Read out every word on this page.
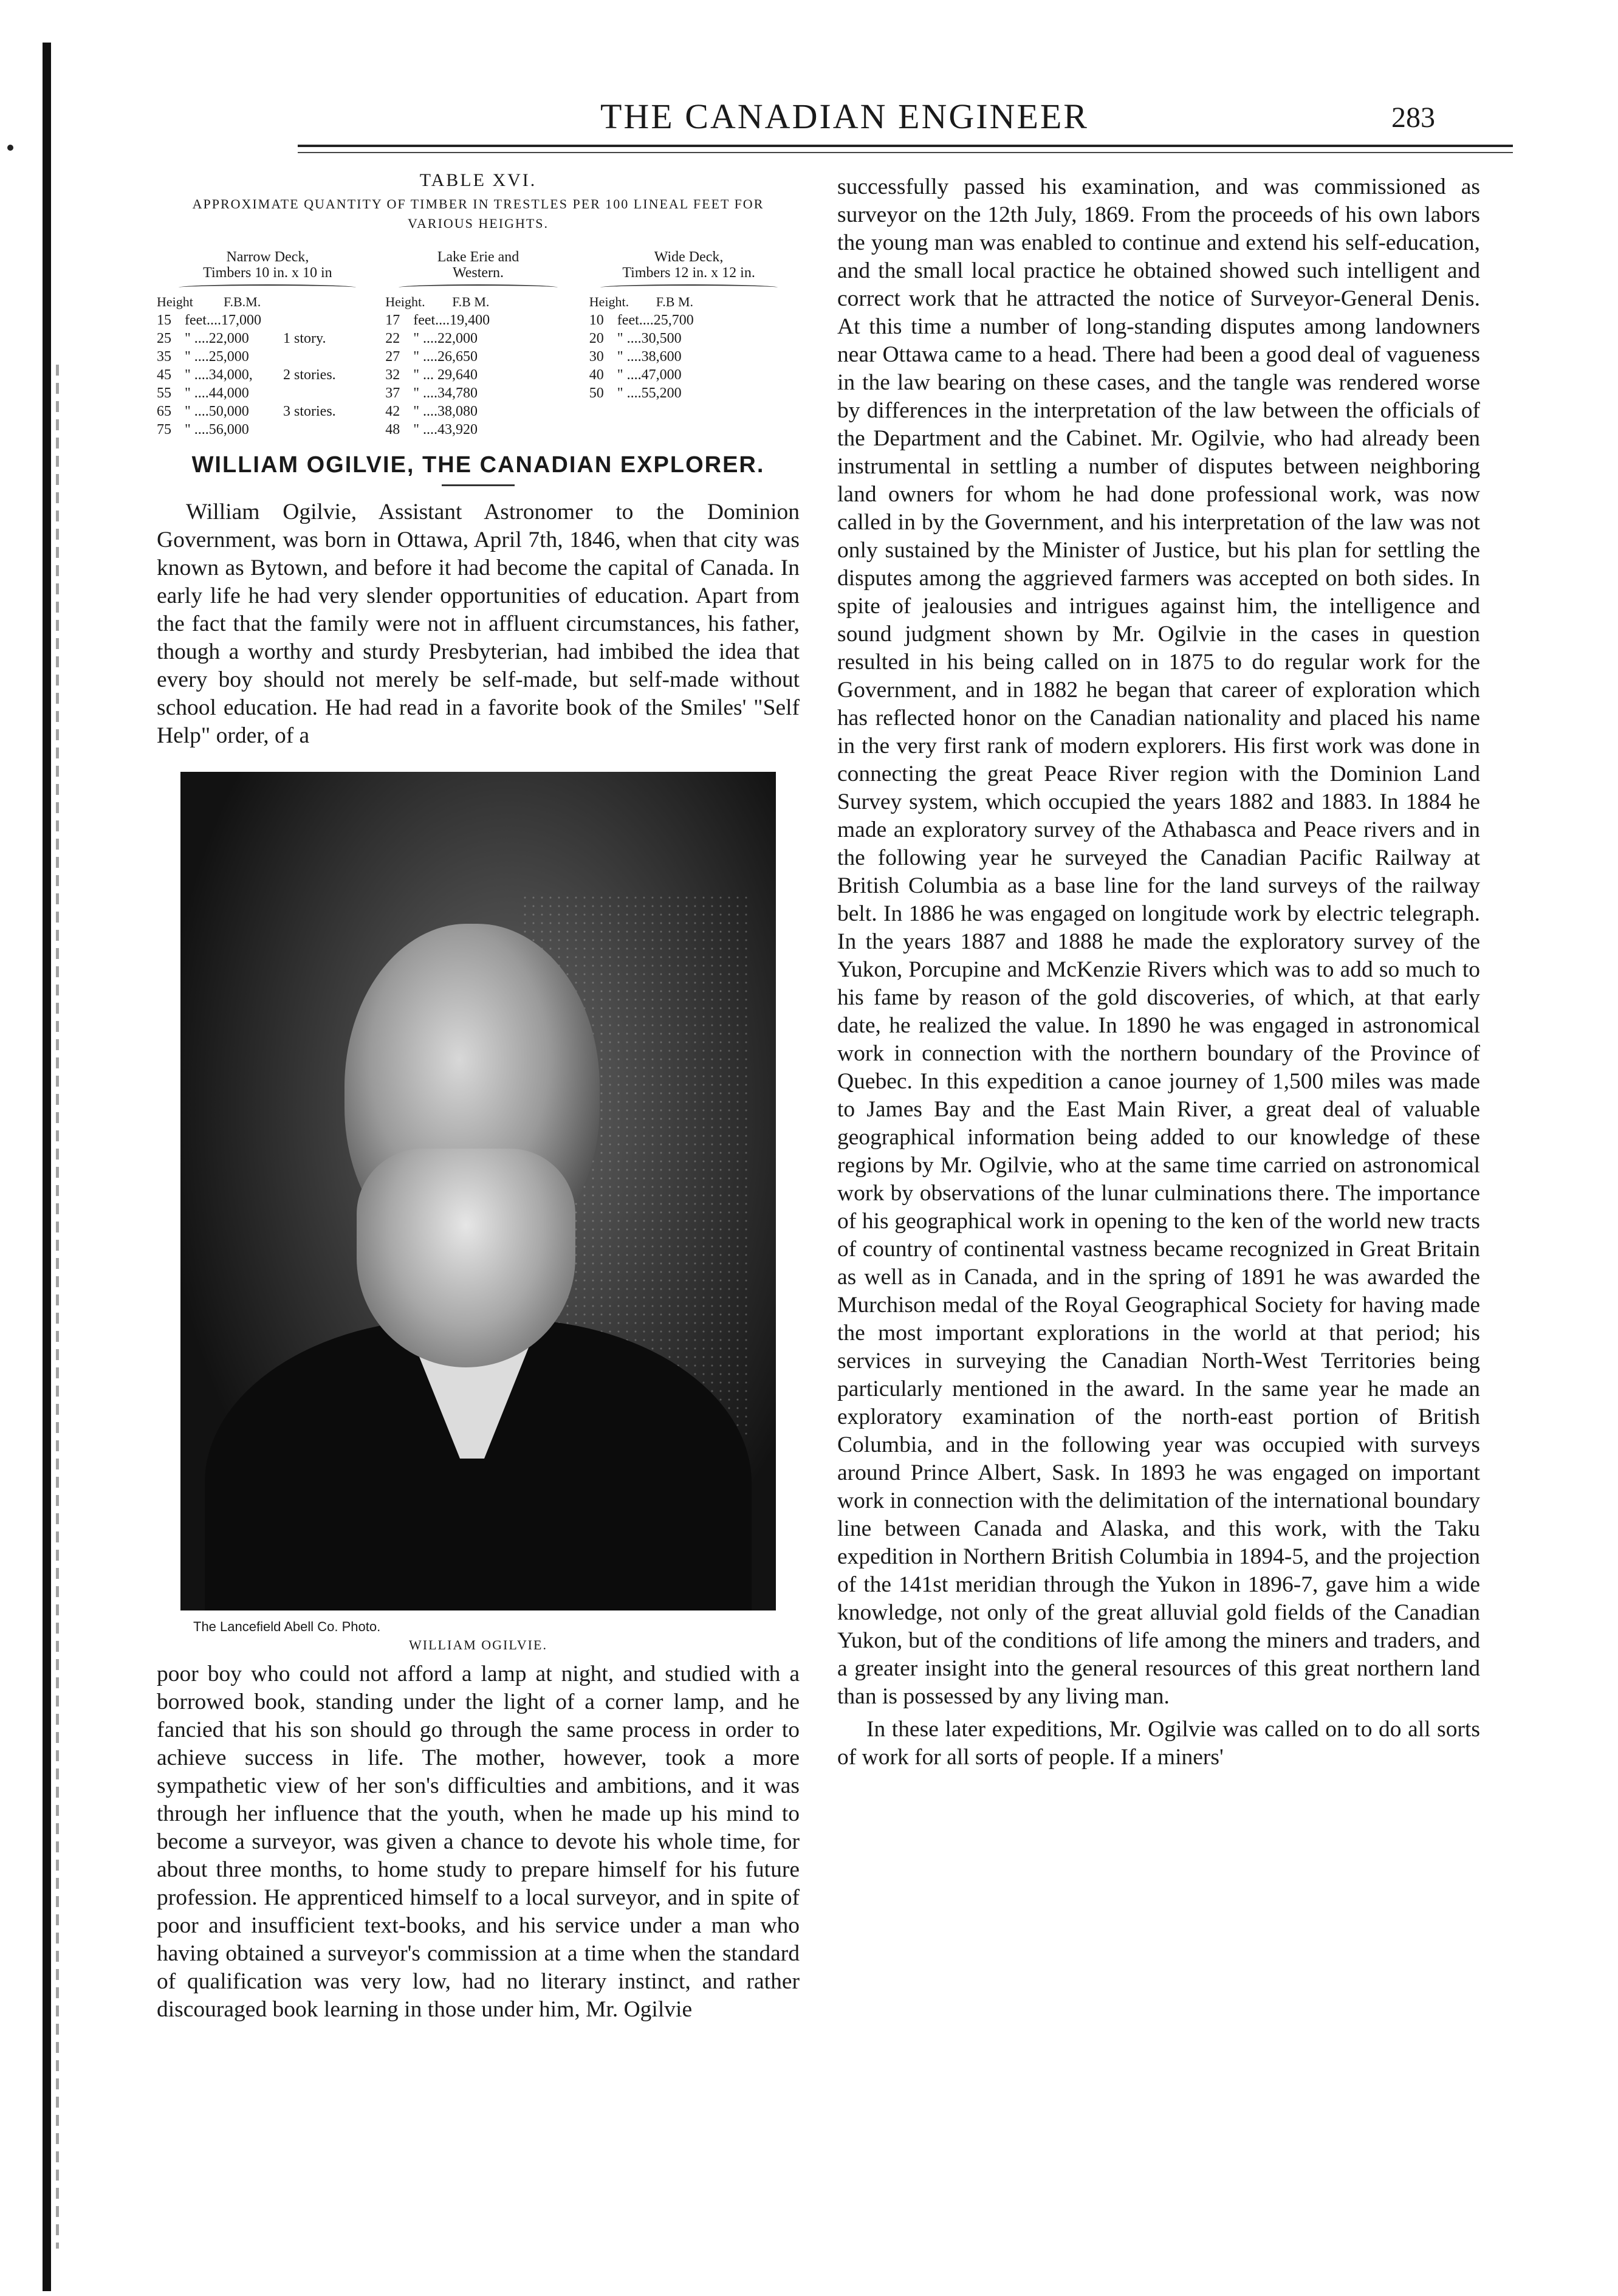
THE CANADIAN ENGINEER	283
TABLE XVI.
APPROXIMATE QUANTITY OF TIMBER IN TRESTLES PER 100 LINEAL FEET FOR VARIOUS HEIGHTS.
Narrow Deck,
Timbers 10 in. x 10 in
Lake Erie and
Western.
Wide Deck,
Timbers 12 in. x 12 in.
Height	F.B.M.
15 feet....17,000
25 " ....22,000	1 story.
35 " ....25,000
45 " ....34,000,	2 stories.
55 " ....44,000
65 " ....50,000	3 stories.
75 " ....56,000
Height.	F.B M.
17 feet....19,400
22 " ....22,000
27 " ....26,650
32 " ... 29,640
37 " ....34,780
42 " ....38,080
48 " ....43,920
Height.	F.B M.
10 feet....25,700
20 " ....30,500
30 " ....38,600
40 " ....47,000
50 " ....55,200
WILLIAM OGILVIE, THE CANADIAN EXPLORER.

William Ogilvie, Assistant Astronomer to the Dominion Government, was born in Ottawa, April 7th, 1846, when that city was known as Bytown, and before it had become the capital of Canada. In early life he had very slender opportunities of education. Apart from the fact that the family were not in affluent circumstances, his father, though a worthy and sturdy Presbyterian, had imbibed the idea that every boy should not merely be self-made, but self-made without school education. He had read in a favorite book of the Smiles' "Self Help" order, of a

The Lancefield Abell Co. Photo.
WILLIAM OGILVIE.

poor boy who could not afford a lamp at night, and studied with a borrowed book, standing under the light of a corner lamp, and he fancied that his son should go through the same process in order to achieve success in life. The mother, however, took a more sympathetic view of her son's difficulties and ambitions, and it was through her influence that the youth, when he made up his mind to become a surveyor, was given a chance to devote his whole time, for about three months, to home study to prepare himself for his future profession. He apprenticed himself to a local surveyor, and in spite of poor and insufficient text-books, and his service under a man who having obtained a surveyor's commission at a time when the standard of qualification was very low, had no literary instinct, and rather discouraged book learning in those under him, Mr. Ogilvie

successfully passed his examination, and was commissioned as surveyor on the 12th July, 1869. From the proceeds of his own labors the young man was enabled to continue and extend his self-education, and the small local practice he obtained showed such intelligent and correct work that he attracted the notice of Surveyor-General Denis. At this time a number of long-standing disputes among landowners near Ottawa came to a head. There had been a good deal of vagueness in the law bearing on these cases, and the tangle was rendered worse by differences in the interpretation of the law between the officials of the Department and the Cabinet. Mr. Ogilvie, who had already been instrumental in settling a number of disputes between neighboring land owners for whom he had done professional work, was now called in by the Government, and his interpretation of the law was not only sustained by the Minister of Justice, but his plan for settling the disputes among the aggrieved farmers was accepted on both sides. In spite of jealousies and intrigues against him, the intelligence and sound judgment shown by Mr. Ogilvie in the cases in question resulted in his being called on in 1875 to do regular work for the Government, and in 1882 he began that career of exploration which has reflected honor on the Canadian nationality and placed his name in the very first rank of modern explorers. His first work was done in connecting the great Peace River region with the Dominion Land Survey system, which occupied the years 1882 and 1883. In 1884 he made an exploratory survey of the Athabasca and Peace rivers and in the following year he surveyed the Canadian Pacific Railway at British Columbia as a base line for the land surveys of the railway belt. In 1886 he was engaged on longitude work by electric telegraph. In the years 1887 and 1888 he made the exploratory survey of the Yukon, Porcupine and McKenzie Rivers which was to add so much to his fame by reason of the gold discoveries, of which, at that early date, he realized the value. In 1890 he was engaged in astronomical work in connection with the northern boundary of the Province of Quebec. In this expedition a canoe journey of 1,500 miles was made to James Bay and the East Main River, a great deal of valuable geographical information being added to our knowledge of these regions by Mr. Ogilvie, who at the same time carried on astronomical work by observations of the lunar culminations there. The importance of his geographical work in opening to the ken of the world new tracts of country of continental vastness became recognized in Great Britain as well as in Canada, and in the spring of 1891 he was awarded the Murchison medal of the Royal Geographical Society for having made the most important explorations in the world at that period; his services in surveying the Canadian North-West Territories being particularly mentioned in the award. In the same year he made an exploratory examination of the north-east portion of British Columbia, and in the following year was occupied with surveys around Prince Albert, Sask. In 1893 he was engaged on important work in connection with the delimitation of the international boundary line between Canada and Alaska, and this work, with the Taku expedition in Northern British Columbia in 1894-5, and the projection of the 141st meridian through the Yukon in 1896-7, gave him a wide knowledge, not only of the great alluvial gold fields of the Canadian Yukon, but of the conditions of life among the miners and traders, and a greater insight into the general resources of this great northern land than is possessed by any living man.

In these later expeditions, Mr. Ogilvie was called on to do all sorts of work for all sorts of people. If a miners'
